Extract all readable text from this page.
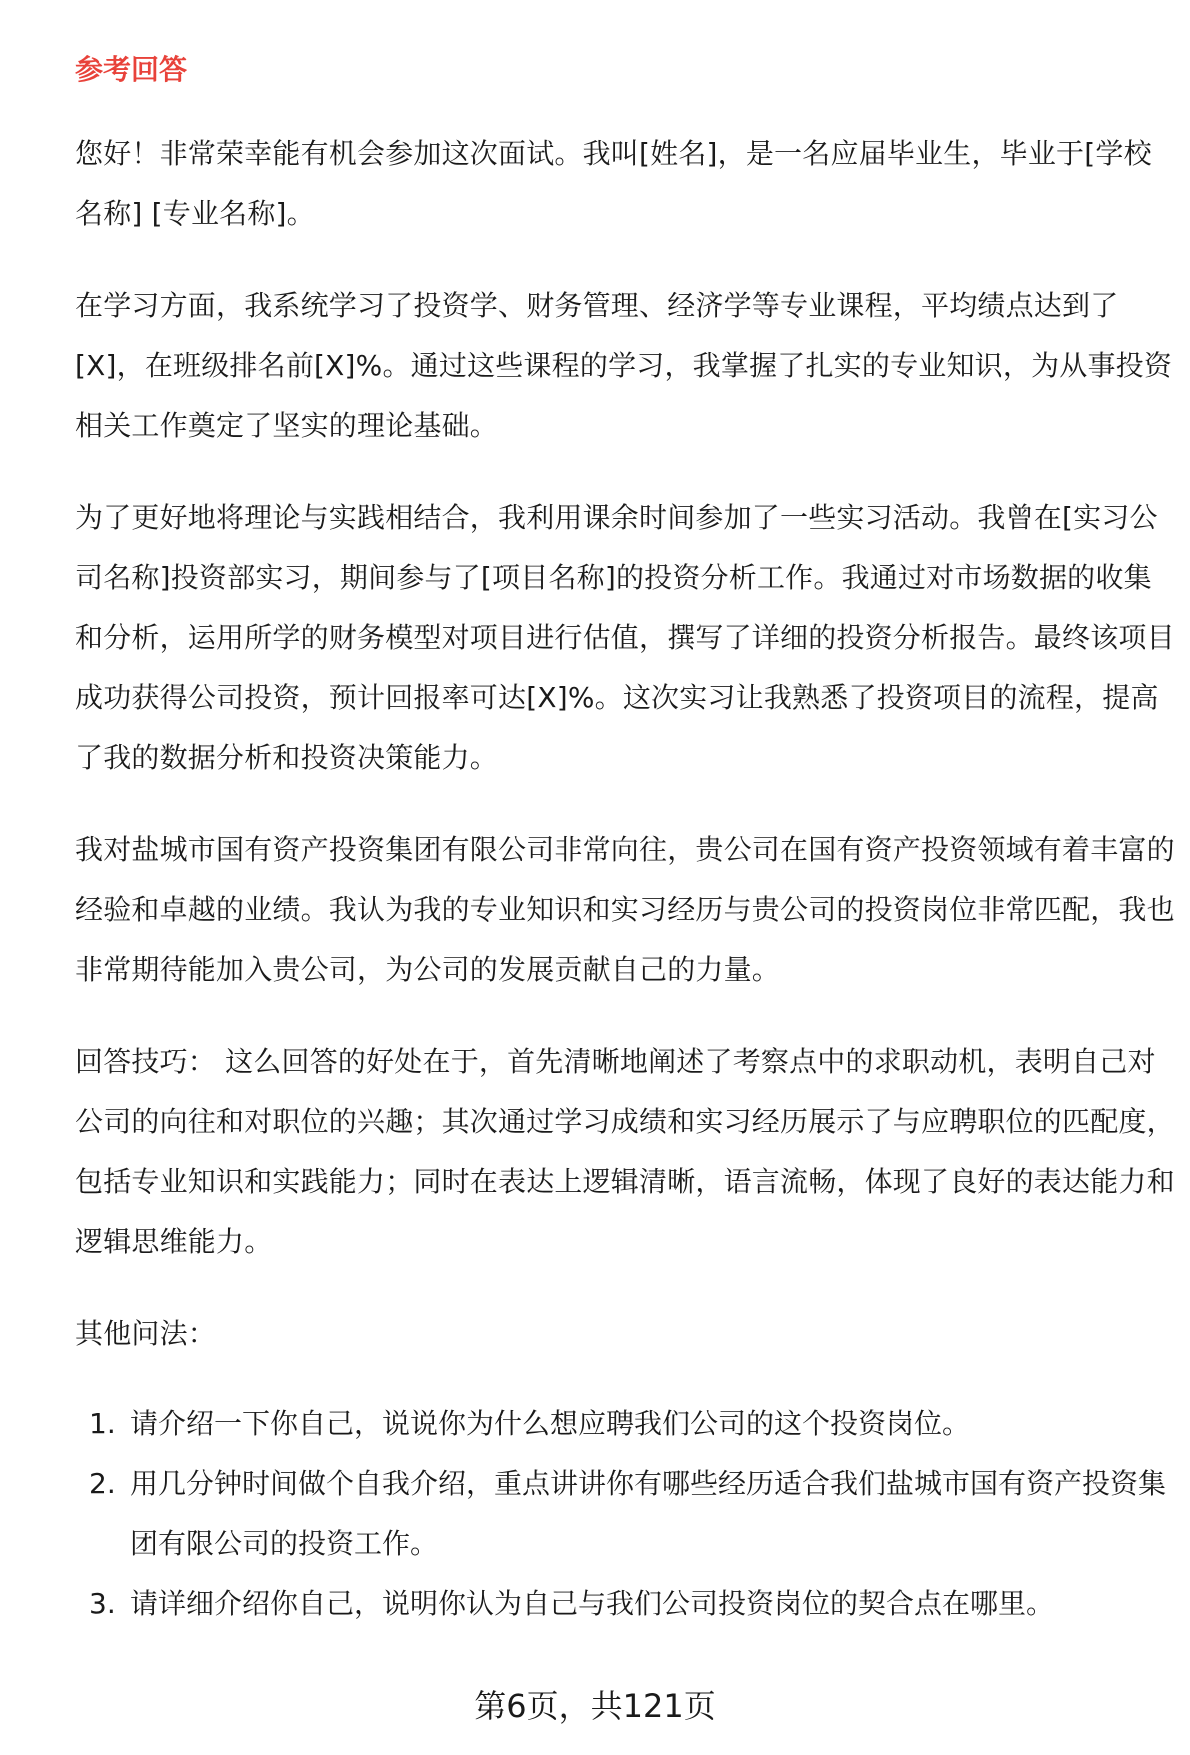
参考回答

您好！非常荣幸能有机会参加这次面试。我叫[姓名]，是一名应届毕业生，毕业于[学校名称] [专业名称]。

在学习方面，我系统学习了投资学、财务管理、经济学等专业课程，平均绩点达到了[X]，在班级排名前[X]%。通过这些课程的学习，我掌握了扎实的专业知识，为从事投资相关工作奠定了坚实的理论基础。

为了更好地将理论与实践相结合，我利用课余时间参加了一些实习活动。我曾在[实习公司名称]投资部实习，期间参与了[项目名称]的投资分析工作。我通过对市场数据的收集和分析，运用所学的财务模型对项目进行估值，撰写了详细的投资分析报告。最终该项目成功获得公司投资，预计回报率可达[X]%。这次实习让我熟悉了投资项目的流程，提高了我的数据分析和投资决策能力。

我对盐城市国有资产投资集团有限公司非常向往，贵公司在国有资产投资领域有着丰富的经验和卓越的业绩。我认为我的专业知识和实习经历与贵公司的投资岗位非常匹配，我也非常期待能加入贵公司，为公司的发展贡献自己的力量。

回答技巧： 这么回答的好处在于，首先清晰地阐述了考察点中的求职动机，表明自己对公司的向往和对职位的兴趣；其次通过学习成绩和实习经历展示了与应聘职位的匹配度，包括专业知识和实践能力；同时在表达上逻辑清晰，语言流畅，体现了良好的表达能力和逻辑思维能力。

其他问法：

1. 请介绍一下你自己，说说你为什么想应聘我们公司的这个投资岗位。
2. 用几分钟时间做个自我介绍，重点讲讲你有哪些经历适合我们盐城市国有资产投资集团有限公司的投资工作。
3. 请详细介绍你自己，说明你认为自己与我们公司投资岗位的契合点在哪里。
第6页，共121页
